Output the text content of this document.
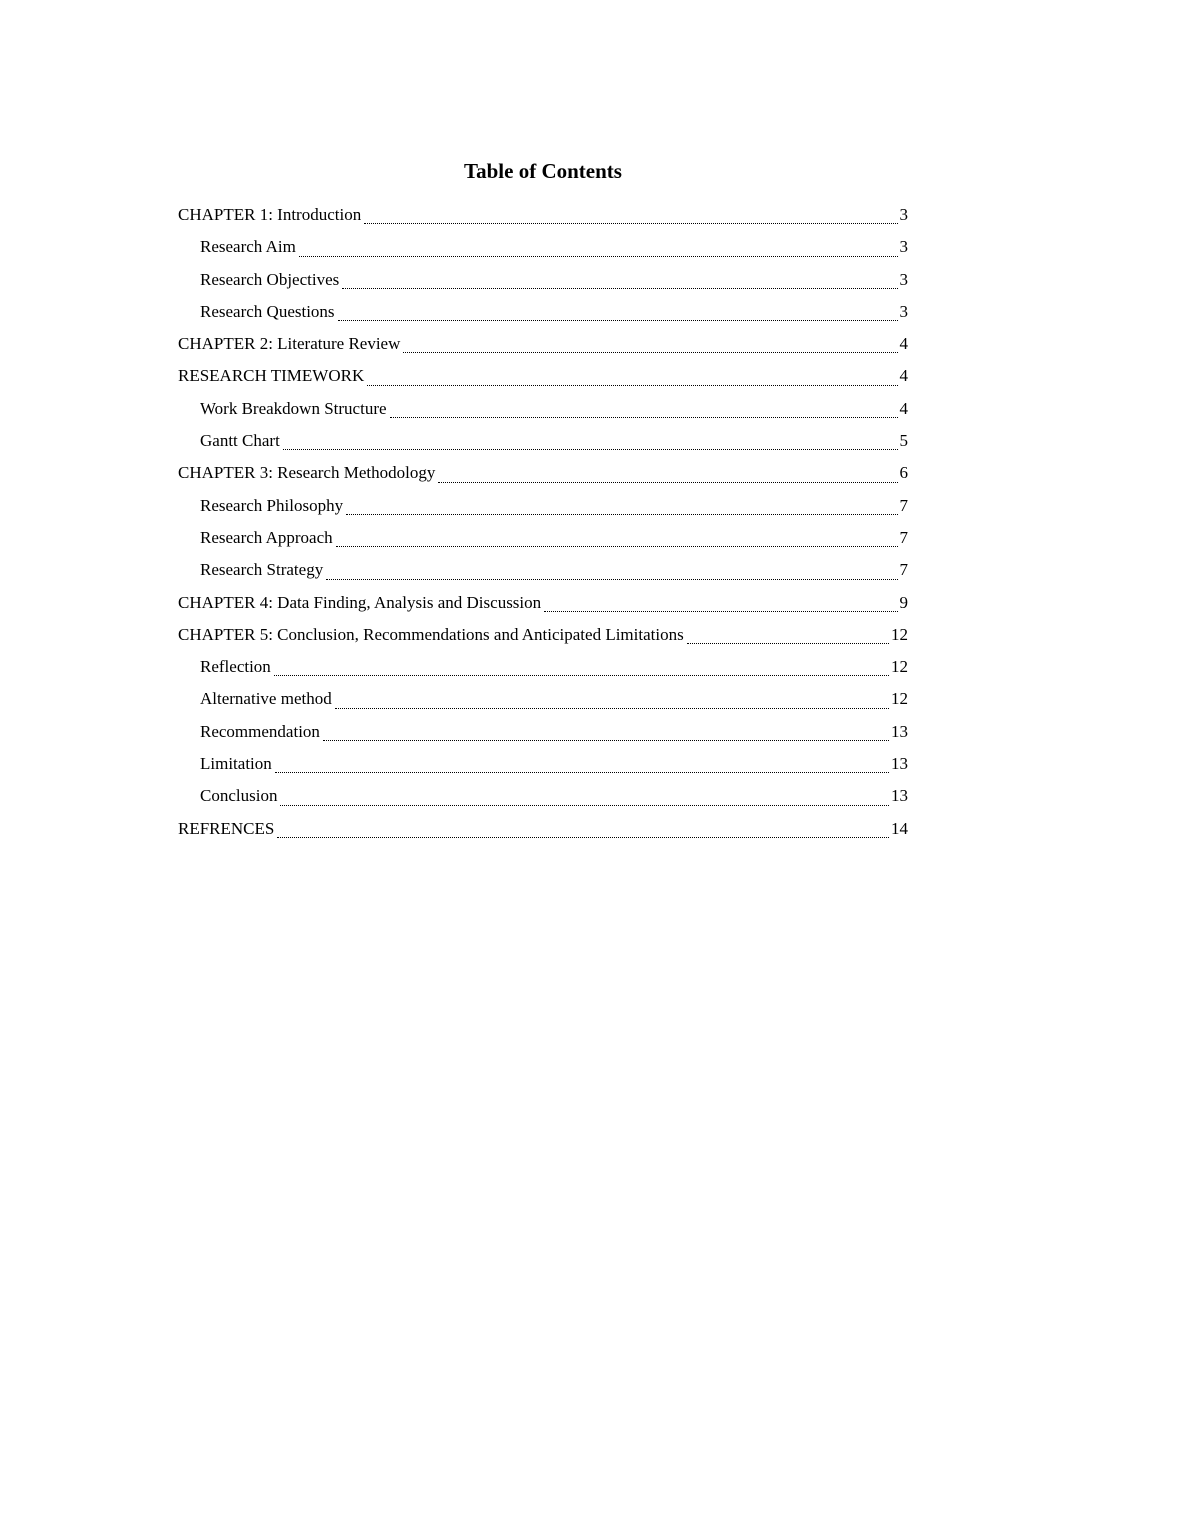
Table of Contents
CHAPTER 1: Introduction	3
Research Aim	3
Research Objectives	3
Research Questions	3
CHAPTER 2: Literature Review	4
RESEARCH TIMEWORK	4
Work Breakdown Structure	4
Gantt Chart	5
CHAPTER 3: Research Methodology	6
Research Philosophy	7
Research Approach	7
Research Strategy	7
CHAPTER 4: Data Finding, Analysis and Discussion	9
CHAPTER 5: Conclusion, Recommendations and Anticipated Limitations	12
Reflection	12
Alternative method	12
Recommendation	13
Limitation	13
Conclusion	13
REFRENCES	14
